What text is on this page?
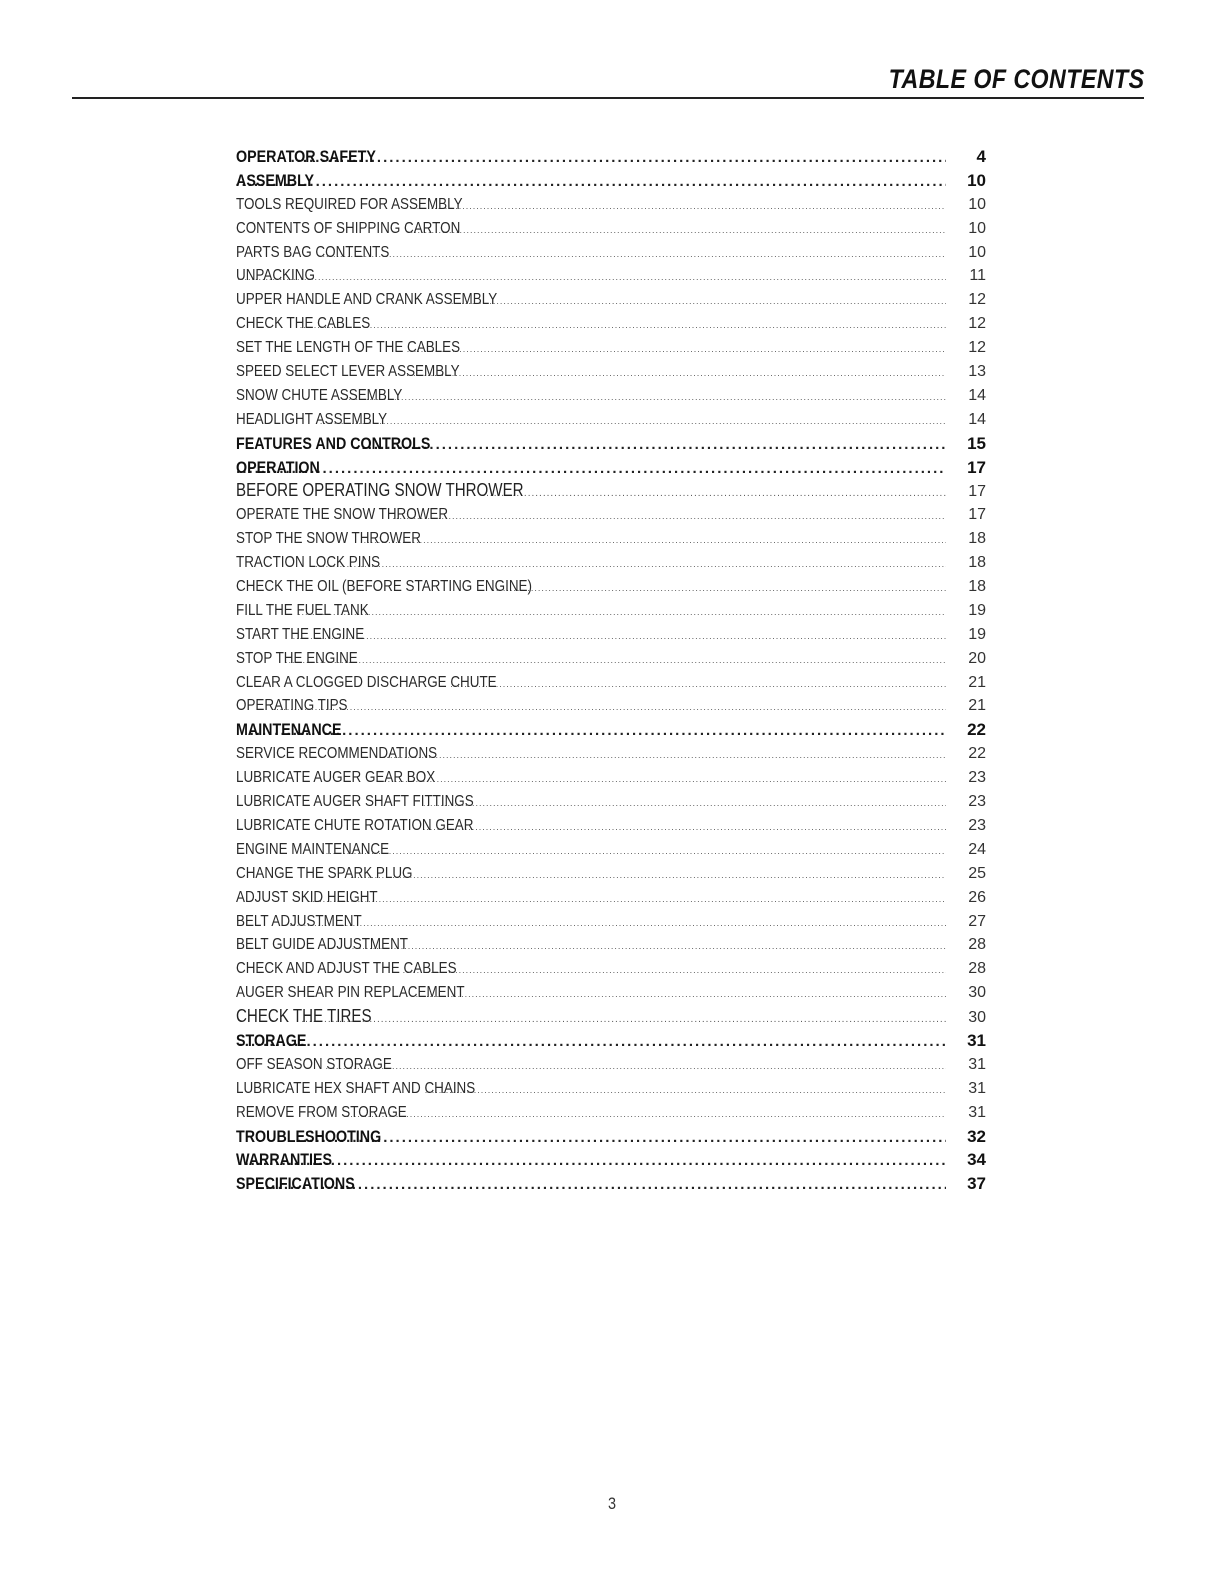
TABLE OF CONTENTS
OPERATOR SAFETY .....	4
ASSEMBLY .....	10
TOOLS REQUIRED FOR ASSEMBLY .....	10
CONTENTS OF SHIPPING CARTON .....	10
PARTS BAG CONTENTS .....	10
UNPACKING .....	11
UPPER HANDLE AND CRANK ASSEMBLY .....	12
CHECK THE CABLES .....	12
SET THE LENGTH OF THE CABLES .....	12
SPEED SELECT LEVER ASSEMBLY .....	13
SNOW CHUTE ASSEMBLY .....	14
HEADLIGHT ASSEMBLY .....	14
FEATURES AND CONTROLS .....	15
OPERATION .....	17
BEFORE OPERATING SNOW THROWER .....	17
OPERATE THE SNOW THROWER .....	17
STOP THE SNOW THROWER .....	18
TRACTION LOCK PINS .....	18
CHECK THE OIL (BEFORE STARTING ENGINE) .....	18
FILL THE FUEL TANK .....	19
START THE ENGINE .....	19
STOP THE ENGINE .....	20
CLEAR A CLOGGED DISCHARGE CHUTE .....	21
OPERATING TIPS .....	21
MAINTENANCE .....	22
SERVICE RECOMMENDATIONS .....	22
LUBRICATE AUGER GEAR BOX .....	23
LUBRICATE AUGER SHAFT FITTINGS .....	23
LUBRICATE CHUTE ROTATION GEAR .....	23
ENGINE MAINTENANCE .....	24
CHANGE THE SPARK PLUG .....	25
ADJUST SKID HEIGHT .....	26
BELT ADJUSTMENT .....	27
BELT GUIDE ADJUSTMENT .....	28
CHECK AND ADJUST THE CABLES .....	28
AUGER SHEAR PIN REPLACEMENT .....	30
CHECK THE TIRES .....	30
STORAGE .....	31
OFF SEASON STORAGE .....	31
LUBRICATE HEX SHAFT AND CHAINS .....	31
REMOVE FROM STORAGE .....	31
TROUBLESHOOTING .....	32
WARRANTIES .....	34
SPECIFICATIONS .....	37
3
